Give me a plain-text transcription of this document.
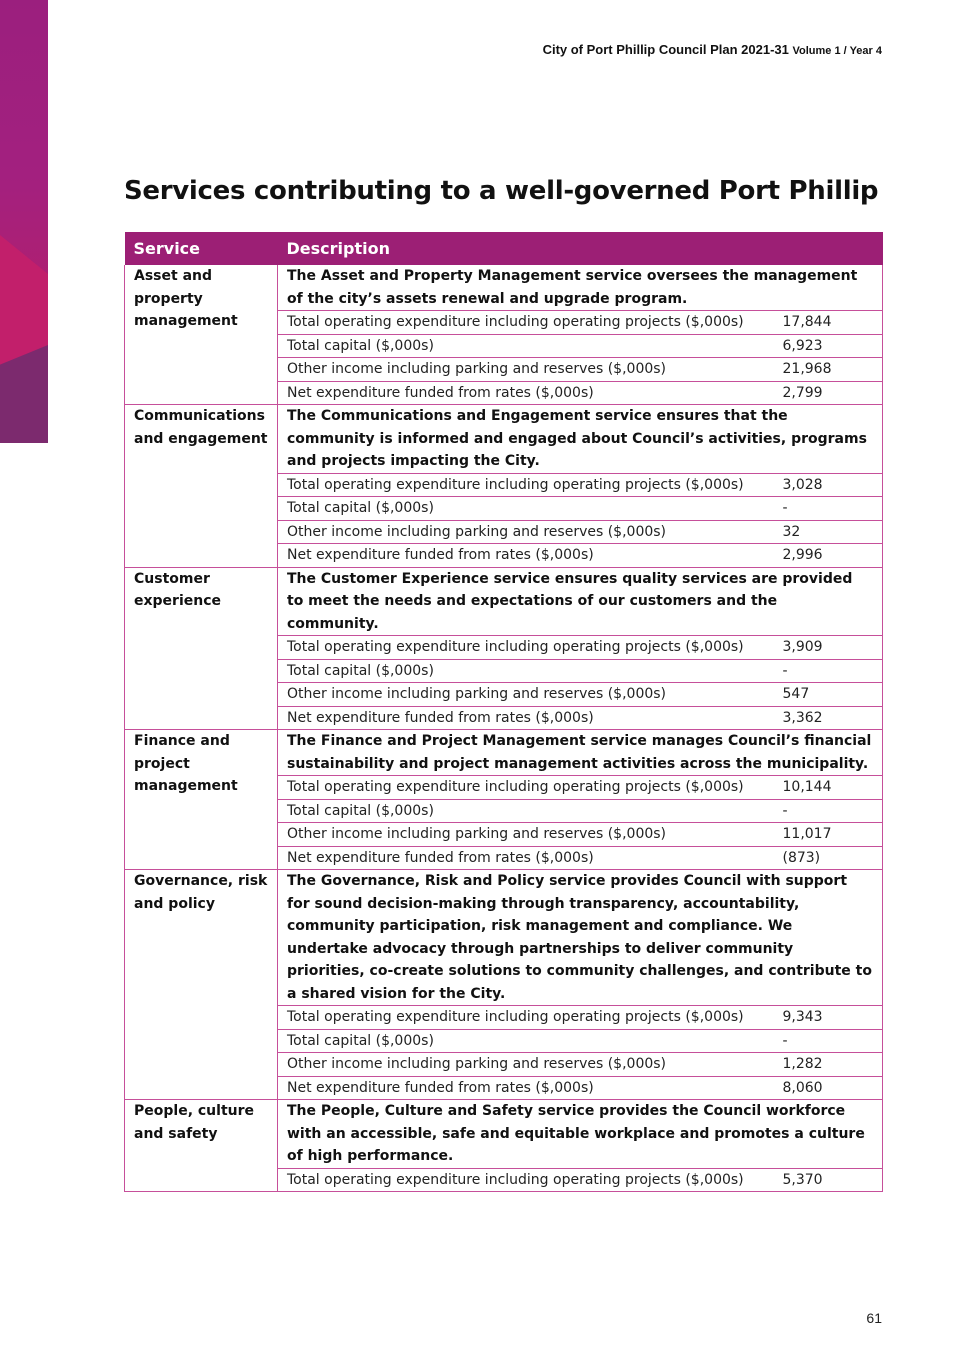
City of Port Phillip Council Plan 2021-31 Volume 1 / Year 4
Services contributing to a well-governed Port Phillip
Service	Description	
Asset and property management	The Asset and Property Management service oversees the management of the city’s assets renewal and upgrade program.	
	Total operating expenditure including operating projects ($,000s)	17,844
	Total capital ($,000s)	6,923
	Other income including parking and reserves ($,000s)	21,968
	Net expenditure funded from rates ($,000s)	2,799
Communications and engagement	The Communications and Engagement service ensures that the community is informed and engaged about Council’s activities, programs and projects impacting the City.	
	Total operating expenditure including operating projects ($,000s)	3,028
	Total capital ($,000s)	-
	Other income including parking and reserves ($,000s)	32
	Net expenditure funded from rates ($,000s)	2,996
Customer experience	The Customer Experience service ensures quality services are provided to meet the needs and expectations of our customers and the community.	
	Total operating expenditure including operating projects ($,000s)	3,909
	Total capital ($,000s)	-
	Other income including parking and reserves ($,000s)	547
	Net expenditure funded from rates ($,000s)	3,362
Finance and project management	The Finance and Project Management service manages Council’s financial sustainability and project management activities across the municipality.	
	Total operating expenditure including operating projects ($,000s)	10,144
	Total capital ($,000s)	-
	Other income including parking and reserves ($,000s)	11,017
	Net expenditure funded from rates ($,000s)	(873)
Governance, risk and policy	The Governance, Risk and Policy service provides Council with support for sound decision-making through transparency, accountability, community participation, risk management and compliance. We undertake advocacy through partnerships to deliver community priorities, co-create solutions to community challenges, and contribute to a shared vision for the City.	
	Total operating expenditure including operating projects ($,000s)	9,343
	Total capital ($,000s)	-
	Other income including parking and reserves ($,000s)	1,282
	Net expenditure funded from rates ($,000s)	8,060
People, culture and safety	The People, Culture and Safety service provides the Council workforce with an accessible, safe and equitable workplace and promotes a culture of high performance.	
	Total operating expenditure including operating projects ($,000s)	5,370
61
